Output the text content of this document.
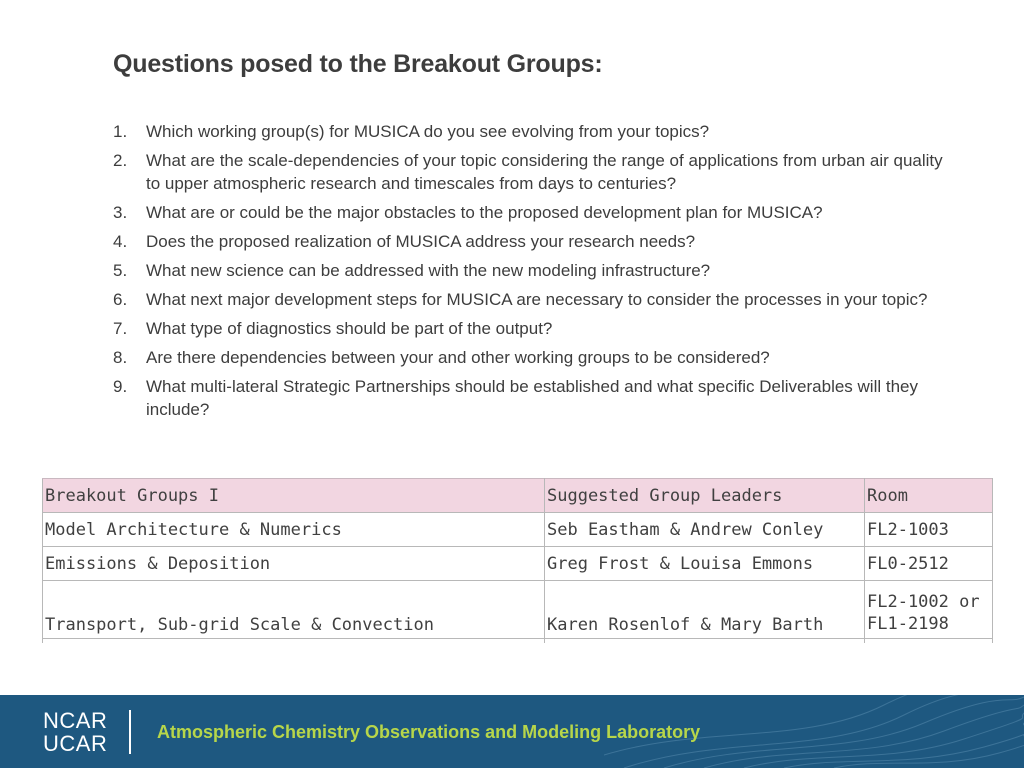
Questions posed to the Breakout Groups:
1.	Which working group(s) for MUSICA do you see evolving from your topics?
2.	What are the scale-dependencies of your topic considering the range of applications from urban air quality to upper atmospheric research and timescales from days to centuries?
3.	What are or could be the major obstacles to the proposed development plan for MUSICA?
4.	Does the proposed realization of MUSICA address your research needs?
5.	What new science can be addressed with the new modeling infrastructure?
6.	What next major development steps for MUSICA are necessary to consider the processes in your topic?
7.	What type of diagnostics should be part of the output?
8.	Are there dependencies between your and other working groups to be considered?
9.	What multi-lateral Strategic Partnerships should be established and what specific Deliverables will they include?
Breakout Groups I	Suggested Group Leaders	Room
Model Architecture & Numerics	Seb Eastham & Andrew Conley	FL2-1003
Emissions & Deposition	Greg Frost & Louisa Emmons	FL0-2512
Transport, Sub-grid Scale & Convection	Karen Rosenlof & Mary Barth	FL2-1002 or FL1-2198

NCAR
UCAR	Atmospheric Chemistry Observations and Modeling Laboratory
